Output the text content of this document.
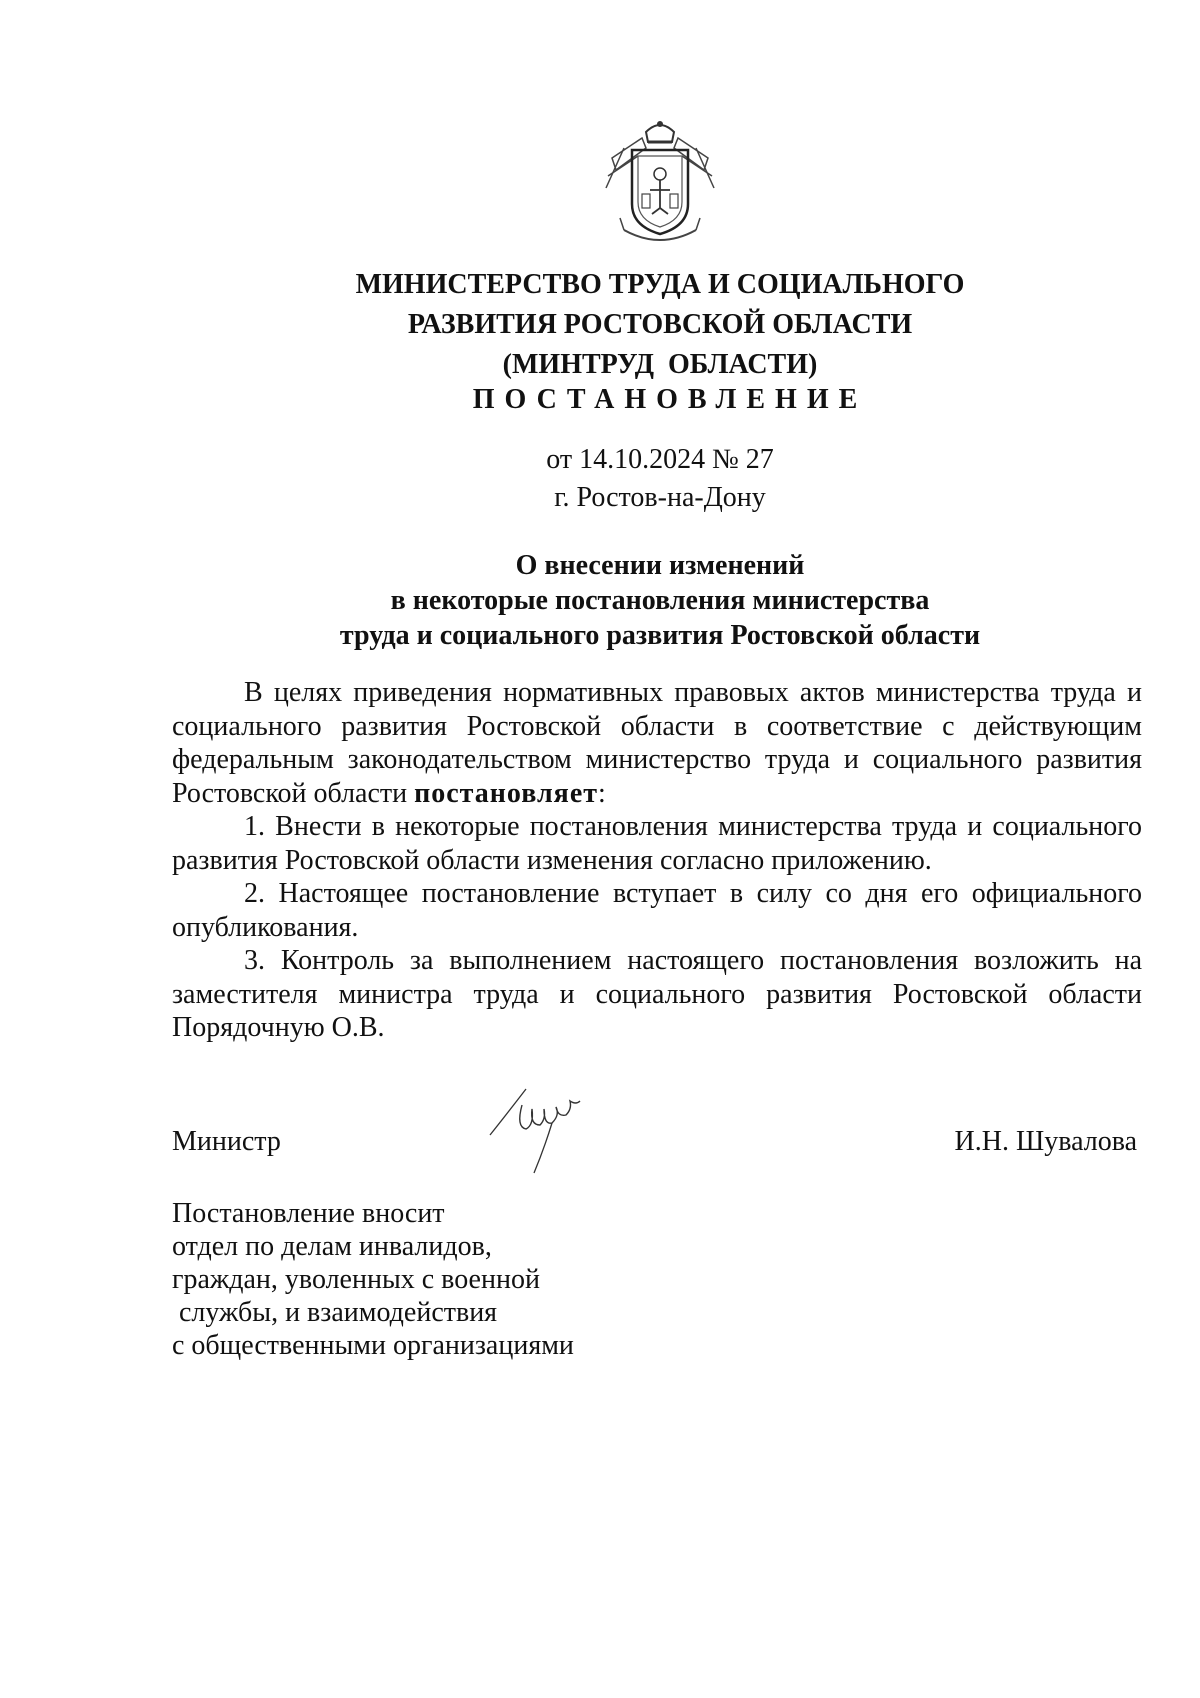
МИНИСТЕРСТВО ТРУДА И СОЦИАЛЬНОГО
РАЗВИТИЯ РОСТОВСКОЙ ОБЛАСТИ
(МИНТРУД  ОБЛАСТИ)
ПОСТАНОВЛЕНИЕ
от 14.10.2024 № 27
г. Ростов-на-Дону
О внесении изменений
в некоторые постановления министерства
труда и социального развития Ростовской области

В целях приведения нормативных правовых актов министерства труда и социального развития Ростовской области в соответствие с действующим федеральным законодательством министерство труда и социального развития Ростовской области постановляет:

1. Внести в некоторые постановления министерства труда и социального развития Ростовской области изменения согласно приложению.

2. Настоящее постановление вступает в силу со дня его официального опубликования.

3. Контроль за выполнением настоящего постановления возложить на заместителя министра труда и социального развития Ростовской области Порядочную О.В.

Министр	И.Н. Шувалова
Постановление вносит
отдел по делам инвалидов,
граждан, уволенных с военной
службы, и взаимодействия
с общественными организациями
